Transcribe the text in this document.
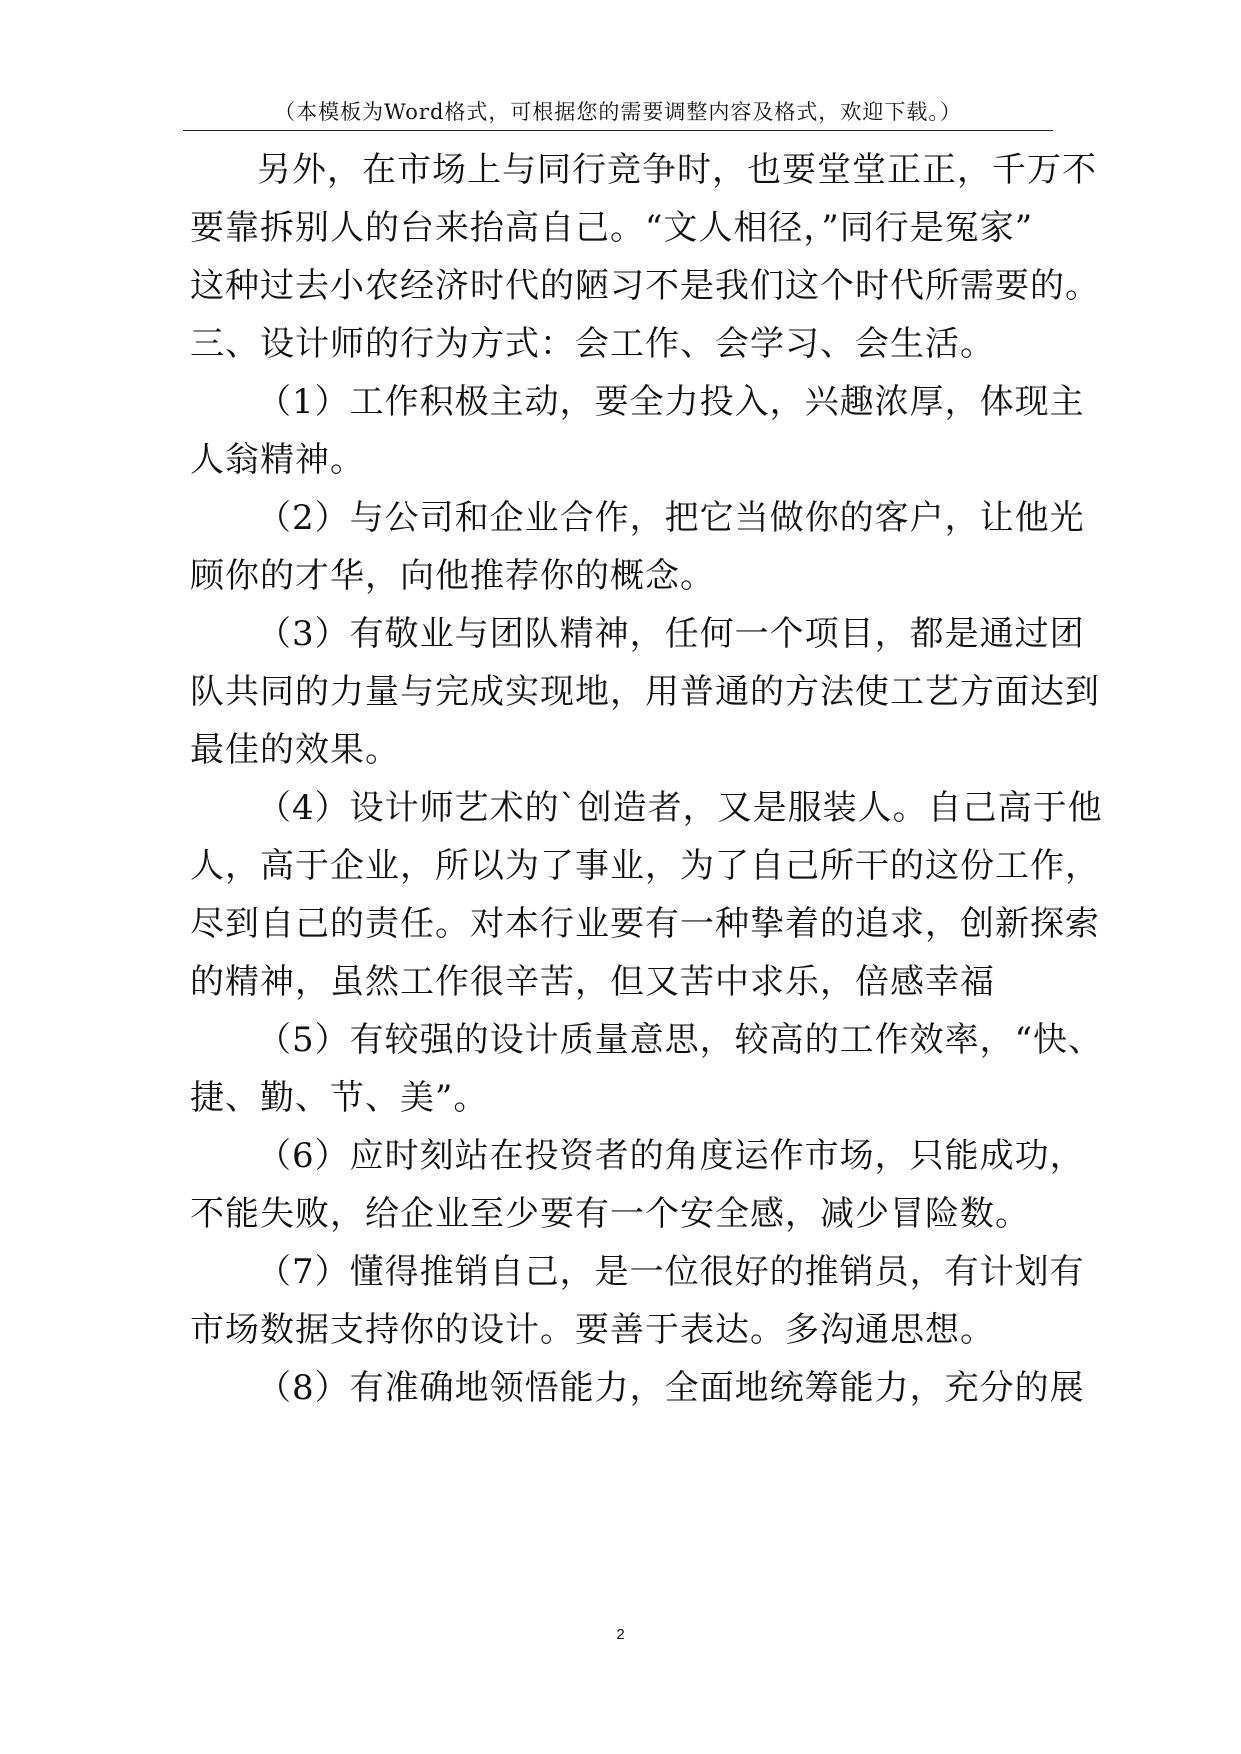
（本模板为Word格式，可根据您的需要调整内容及格式，欢迎下载。）
另外，在市场上与同行竞争时，也要堂堂正正，千万不
要靠拆别人的台来抬高自己。“文人相径，”同行是冤家”
这种过去小农经济时代的陋习不是我们这个时代所需要的。
三、设计师的行为方式：会工作、会学习、会生活。
（1）工作积极主动，要全力投入，兴趣浓厚，体现主
人翁精神。
（2）与公司和企业合作，把它当做你的客户，让他光
顾你的才华，向他推荐你的概念。
（3）有敬业与团队精神，任何一个项目，都是通过团
队共同的力量与完成实现地，用普通的方法使工艺方面达到
最佳的效果。
（4）设计师艺术的`创造者，又是服装人。自己高于他
人，高于企业，所以为了事业，为了自己所干的这份工作，
尽到自己的责任。对本行业要有一种挚着的追求，创新探索
的精神，虽然工作很辛苦，但又苦中求乐，倍感幸福
（5）有较强的设计质量意思，较高的工作效率，“快、
捷、勤、节、美”。
（6）应时刻站在投资者的角度运作市场，只能成功，
不能失败，给企业至少要有一个安全感，减少冒险数。
（7）懂得推销自己，是一位很好的推销员，有计划有
市场数据支持你的设计。要善于表达。多沟通思想。
（8）有准确地领悟能力，全面地统筹能力，充分的展
2
